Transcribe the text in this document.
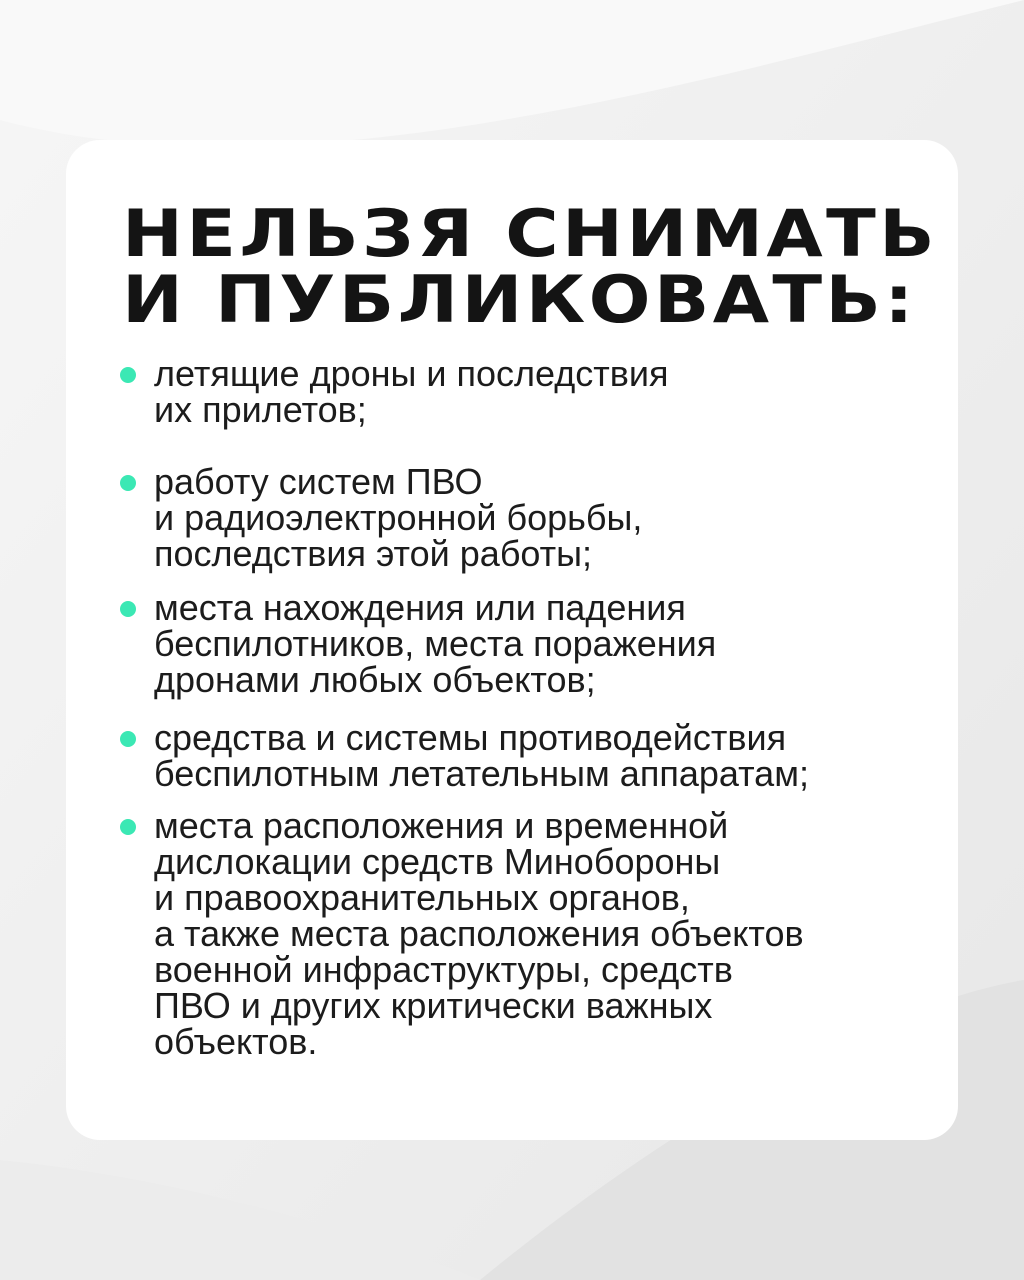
НЕЛЬЗЯ СНИМАТЬ
И ПУБЛИКОВАТЬ:
летящие дроны и последствия
их прилетов;
работу систем ПВО
и радиоэлектронной борьбы,
последствия этой работы;
места нахождения или падения
беспилотников, места поражения
дронами любых объектов;
средства и системы противодействия
беспилотным летательным аппаратам;
места расположения и временной
дислокации средств Минобороны
и правоохранительных органов,
а также места расположения объектов
военной инфраструктуры, средств
ПВО и других критически важных
объектов.
